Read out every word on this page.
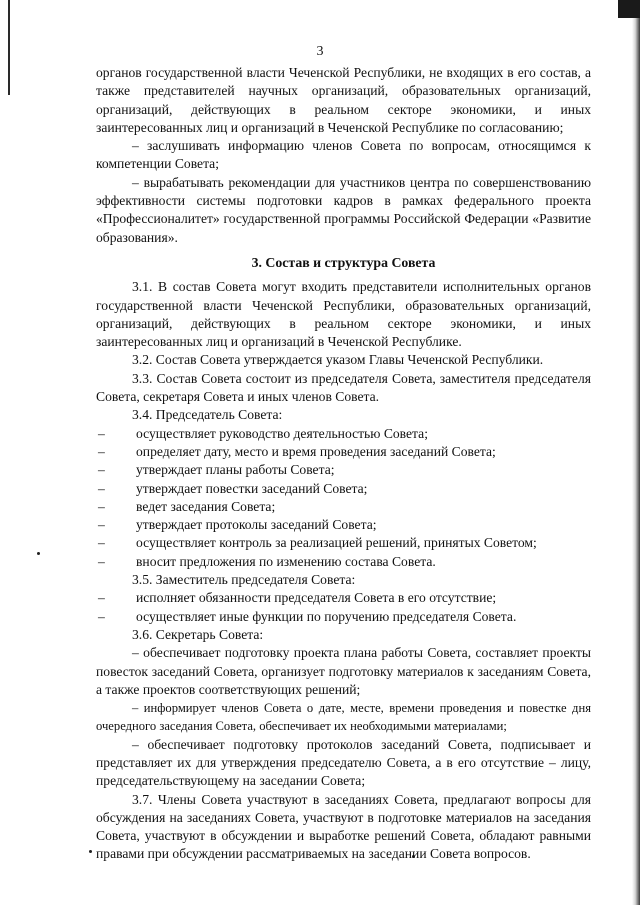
3

органов государственной власти Чеченской Республики, не входящих в его состав, а также представителей научных организаций, образовательных организаций, организаций, действующих в реальном секторе экономики, и иных заинтересованных лиц и организаций в Чеченской Республике по согласованию;

– заслушивать информацию членов Совета по вопросам, относящимся к компетенции Совета;

– вырабатывать рекомендации для участников центра по совершенствованию эффективности системы подготовки кадров в рамках федерального проекта «Профессионалитет» государственной программы Российской Федерации «Развитие образования».

3. Состав и структура Совета

3.1. В состав Совета могут входить представители исполнительных органов государственной власти Чеченской Республики, образовательных организаций, организаций, действующих в реальном секторе экономики, и иных заинтересованных лиц и организаций в Чеченской Республике.

3.2. Состав Совета утверждается указом Главы Чеченской Республики.

3.3. Состав Совета состоит из председателя Совета, заместителя председателя Совета, секретаря Совета и иных членов Совета.

3.4. Председатель Совета:

–	осуществляет руководство деятельностью Совета;
–	определяет дату, место и время проведения заседаний Совета;
–	утверждает планы работы Совета;
–	утверждает повестки заседаний Совета;
–	ведет заседания Совета;
–	утверждает протоколы заседаний Совета;
–	осуществляет контроль за реализацией решений, принятых Советом;
–	вносит предложения по изменению состава Совета.

3.5. Заместитель председателя Совета:

–	исполняет обязанности председателя Совета в его отсутствие;
–	осуществляет иные функции по поручению председателя Совета.

3.6. Секретарь Совета:

– обеспечивает подготовку проекта плана работы Совета, составляет проекты повесток заседаний Совета, организует подготовку материалов к заседаниям Совета, а также проектов соответствующих решений;

– информирует членов Совета о дате, месте, времени проведения и повестке дня очередного заседания Совета, обеспечивает их необходимыми материалами;

– обеспечивает подготовку протоколов заседаний Совета, подписывает и представляет их для утверждения председателю Совета, а в его отсутствие – лицу, председательствующему на заседании Совета;

3.7. Члены Совета участвуют в заседаниях Совета, предлагают вопросы для обсуждения на заседаниях Совета, участвуют в подготовке материалов на заседания Совета, участвуют в обсуждении и выработке решений Совета, обладают равными правами при обсуждении рассматриваемых на заседании Совета вопросов.
